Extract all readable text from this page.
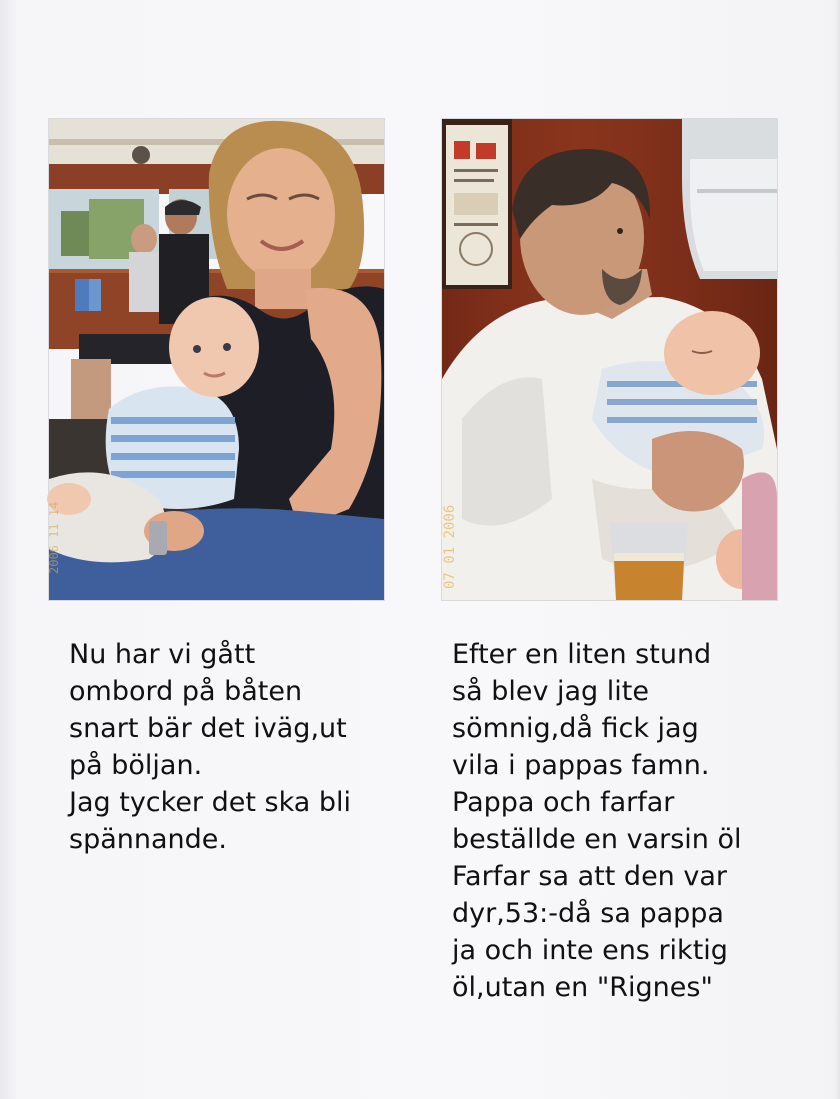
2006 11 14	07 01 2006
Nu har vi gått
ombord på båten
snart bär det iväg,ut
på böljan.
Jag tycker det ska bli
spännande.
Efter en liten stund
så blev jag lite
sömnig,då fick jag
vila i pappas famn.
Pappa och farfar
beställde en varsin öl
Farfar sa att den var
dyr,53:-då sa pappa
ja och inte ens riktig
öl,utan en "Rignes"
